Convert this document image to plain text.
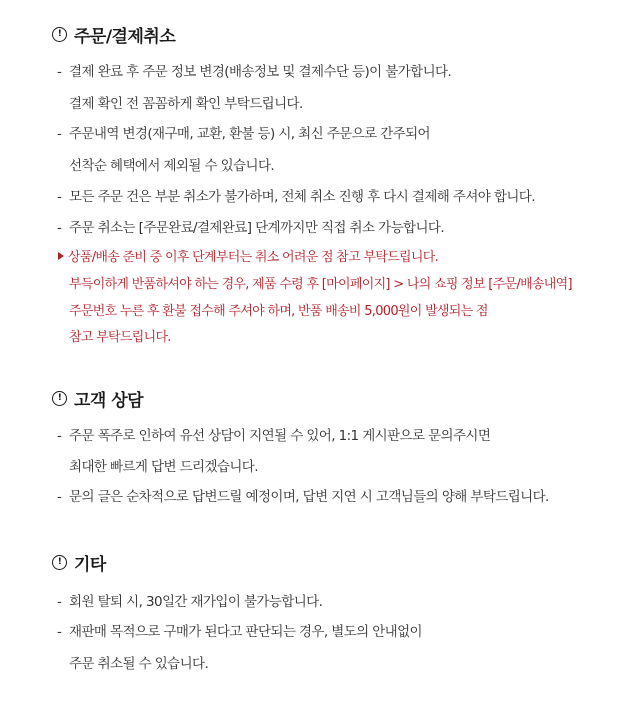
! 주문/결제취소
- 결제 완료 후 주문 정보 변경(배송정보 및 결제수단 등)이 불가합니다.
결제 확인 전 꼼꼼하게 확인 부탁드립니다.
- 주문내역 변경(재구매, 교환, 환불 등) 시, 최신 주문으로 간주되어
선착순 혜택에서 제외될 수 있습니다.
- 모든 주문 건은 부분 취소가 불가하며, 전체 취소 진행 후 다시 결제해 주셔야 합니다.
- 주문 취소는 [주문완료/결제완료] 단계까지만 직접 취소 가능합니다.
상품/배송 준비 중 이후 단계부터는 취소 어려운 점 참고 부탁드립니다.
부득이하게 반품하셔야 하는 경우, 제품 수령 후 [마이페이지] > 나의 쇼핑 정보 [주문/배송내역]
주문번호 누른 후 환불 접수해 주셔야 하며, 반품 배송비 5,000원이 발생되는 점
참고 부탁드립니다.
! 고객 상담
- 주문 폭주로 인하여 유선 상담이 지연될 수 있어, 1:1 게시판으로 문의주시면
최대한 빠르게 답변 드리겠습니다.
- 문의 글은 순차적으로 답변드릴 예정이며, 답변 지연 시 고객님들의 양해 부탁드립니다.
! 기타
- 회원 탈퇴 시, 30일간 재가입이 불가능합니다.
- 재판매 목적으로 구매가 된다고 판단되는 경우, 별도의 안내없이
주문 취소될 수 있습니다.
